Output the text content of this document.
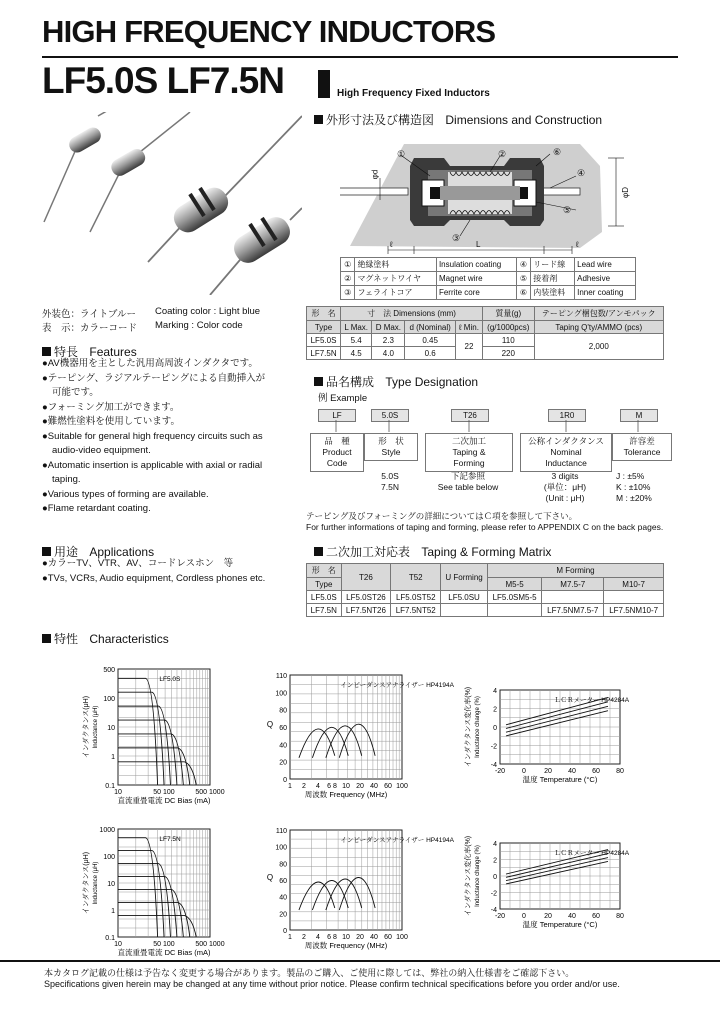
HIGH FREQUENCY INDUCTORS
LF5.0S LF7.5N	High Frequency Fixed Inductors
外装色：ライトブルー Coating color : Light blue
表　示：カラーコード Marking : Color code
外形寸法及び構造図 Dimensions and Construction
①	②	⑥
④
⑤
③
φd
φD
L
ℓ	ℓ
①	絶縁塗料	Insulation coating	④	リード線	Lead wire
②	マグネットワイヤ	Magnet wire	⑤	接着剤	Adhesive
③	フェライトコア	Ferrite core	⑥	内装塗料	Inner coating
形　名	寸　法 Dimensions (mm)				質量(g)	テーピング梱包数/アンモパック
Type	L Max.	D Max.	d (Nominal)	ℓ Min.	(g/1000pcs)	Taping Q'ty/AMMO (pcs)
LF5.0S	5.4	2.3	0.45	22	110	2,000
LF7.5N	4.5	4.0	0.6		220	
特長 Features
●AV機器用を主とした汎用高周波インダクタです。
●テーピング、ラジアルテーピングによる自動挿入が
可能です。
●フォーミング加工ができます。
●難燃性塗料を使用しています。
●Suitable for general high frequency circuits such as
audio-video equipment.
●Automatic insertion is applicable with axial or radial
taping.
●Various types of forming are available.
●Flame retardant coating.
品名構成 Type Designation
例 Example
LF	5.0S	T26	1R0	M
品　種
Product
Code
形　状
Style
二次加工
Taping &
Forming
公称インダクタンス
Nominal
Inductance
許容差
Tolerance
5.0S
7.5N
下記参照
See table below
3 digits
(単位：μH)
(Unit : μH)
J : ±5%
K : ±10%
M : ±20%
テーピング及びフォーミングの詳細についてはＣ項を参照して下さい。
For further informations of taping and forming, please refer to APPENDIX C on the back pages.
用途 Applications
●カラーTV、VTR、AV、コードレスホン　等
●TVs, VCRs, Audio equipment, Cordless phones etc.
二次加工対応表 Taping & Forming Matrix
形　名	T26	T52	U Forming	M Forming		
Type				M5-5	M7.5-7	M10-7
LF5.0S	LF5.0ST26	LF5.0ST52	LF5.0SU	LF5.0SM5-5		
LF7.5N	LF7.5NT26	LF7.5NT52			LF7.5NM7.5-7	LF7.5NM10-7
特性 Characteristics
500
100
10
1
0.1
10	50 100	500 1000
直流重畳電流 DC Bias (mA)
インダクタンス(μH) Inductance (μH)
LF5.0S	110
100
80
60
40
20
0
1 2 4 6 8 10 20 40 60 100
周波数 Frequency (MHz)
Q
インピーダンスアナライザー HP4194A
4
2
0
-2
-4
-20 0	20 40 60 80
温度 Temperature (°C)
インダクタンス変化率(%) Inductance change (%)	ＬＣＲメーター HP4284A
1000
100
10
1
0.1
10	50 100	500 1000
直流重畳電流 DC Bias (mA)
インダクタンス(μH) Inductance (μH)
LF7.5N
110
100
80
60
40
20
0
1 2 4 6 8 10 20 40 60 100
周波数 Frequency (MHz)
Q
インピーダンスアナライザー HP4194A
4
2
0
-2
-4
-20 0	20 40 60 80
温度 Temperature (°C)
インダクタンス変化率(%) Inductance change (%)	ＬＣＲメーター HP4284A
本カタログ記載の仕様は予告なく変更する場合があります。製品のご購入、ご使用に際しては、弊社の納入仕様書をご確認下さい。
Specifications given herein may be changed at any time without prior notice. Please confirm technical specifications before you order and/or use.
